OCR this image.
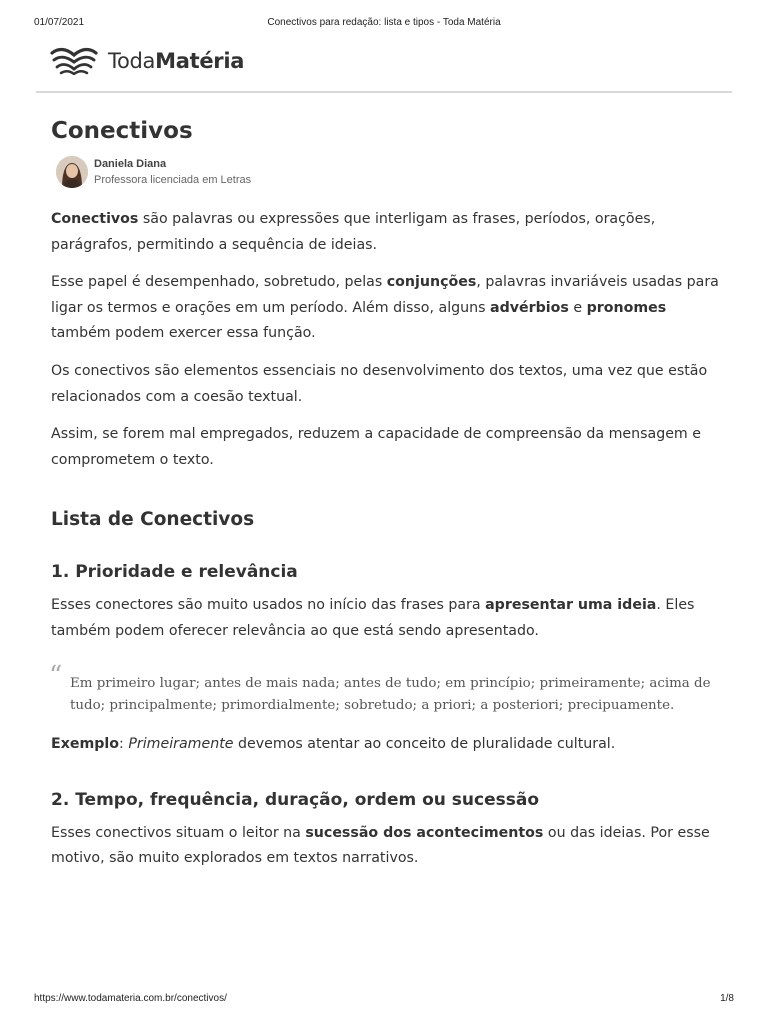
01/07/2021	Conectivos para redação: lista e tipos - Toda Matéria
TodaMatéria
Conectivos
Daniela Diana
Professora licenciada em Letras

Conectivos são palavras ou expressões que interligam as frases, períodos, orações, parágrafos, permitindo a sequência de ideias.

Esse papel é desempenhado, sobretudo, pelas conjunções, palavras invariáveis usadas para ligar os termos e orações em um período. Além disso, alguns advérbios e pronomes também podem exercer essa função.

Os conectivos são elementos essenciais no desenvolvimento dos textos, uma vez que estão relacionados com a coesão textual.

Assim, se forem mal empregados, reduzem a capacidade de compreensão da mensagem e comprometem o texto.

Lista de Conectivos
1. Prioridade e relevância

Esses conectores são muito usados no início das frases para apresentar uma ideia. Eles também podem oferecer relevância ao que está sendo apresentado.

“ Em primeiro lugar; antes de mais nada; antes de tudo; em princípio; primeiramente; acima de tudo; principalmente; primordialmente; sobretudo; a priori; a posteriori; precipuamente.

Exemplo: Primeiramente devemos atentar ao conceito de pluralidade cultural.

2. Tempo, frequência, duração, ordem ou sucessão

Esses conectivos situam o leitor na sucessão dos acontecimentos ou das ideias. Por esse motivo, são muito explorados em textos narrativos.

https://www.todamateria.com.br/conectivos/	1/8
